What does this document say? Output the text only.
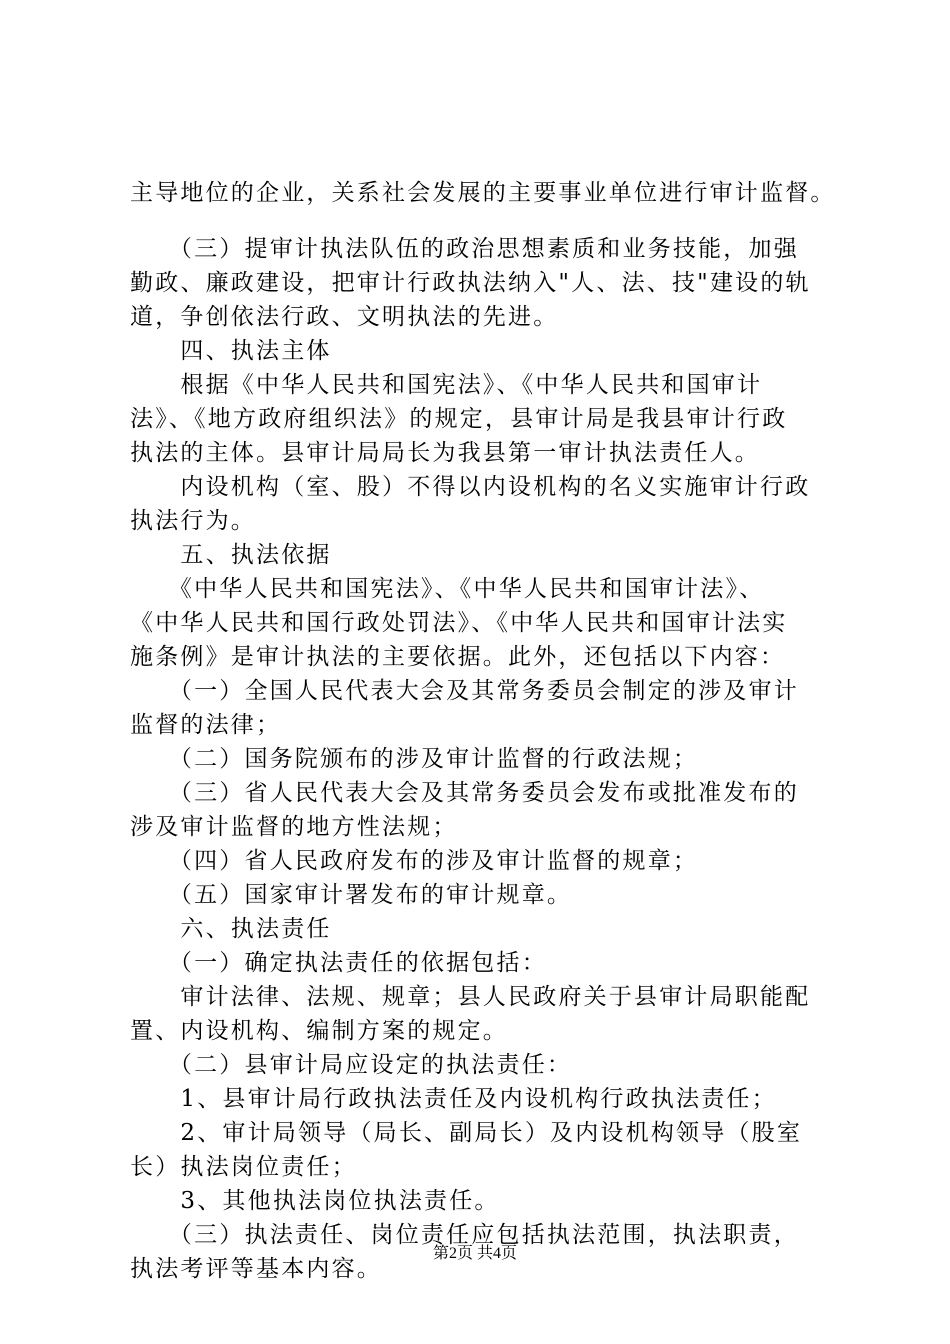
主导地位的企业，关系社会发展的主要事业单位进行审计监督。
　　（三）提审计执法队伍的政治思想素质和业务技能，加强
勤政、廉政建设，把审计行政执法纳入"人、法、技"建设的轨
道，争创依法行政、文明执法的先进。
　　四、执法主体
　　根据《中华人民共和国宪法》、《中华人民共和国审计
法》、《地方政府组织法》的规定，县审计局是我县审计行政
执法的主体。县审计局局长为我县第一审计执法责任人。
　　内设机构（室、股）不得以内设机构的名义实施审计行政
执法行为。
　　五、执法依据
　　《中华人民共和国宪法》、《中华人民共和国审计法》、
《中华人民共和国行政处罚法》、《中华人民共和国审计法实
施条例》是审计执法的主要依据。此外，还包括以下内容：
　　（一）全国人民代表大会及其常务委员会制定的涉及审计
监督的法律；
　　（二）国务院颁布的涉及审计监督的行政法规；
　　（三）省人民代表大会及其常务委员会发布或批准发布的
涉及审计监督的地方性法规；
　　（四）省人民政府发布的涉及审计监督的规章；
　　（五）国家审计署发布的审计规章。
　　六、执法责任
　　（一）确定执法责任的依据包括：
　　审计法律、法规、规章；县人民政府关于县审计局职能配
置、内设机构、编制方案的规定。
　　（二）县审计局应设定的执法责任：
　　1、县审计局行政执法责任及内设机构行政执法责任；
　　2、审计局领导（局长、副局长）及内设机构领导（股室
长）执法岗位责任；
　　3、其他执法岗位执法责任。
　　（三）执法责任、岗位责任应包括执法范围，执法职责，
执法考评等基本内容。
第2页 共4页
